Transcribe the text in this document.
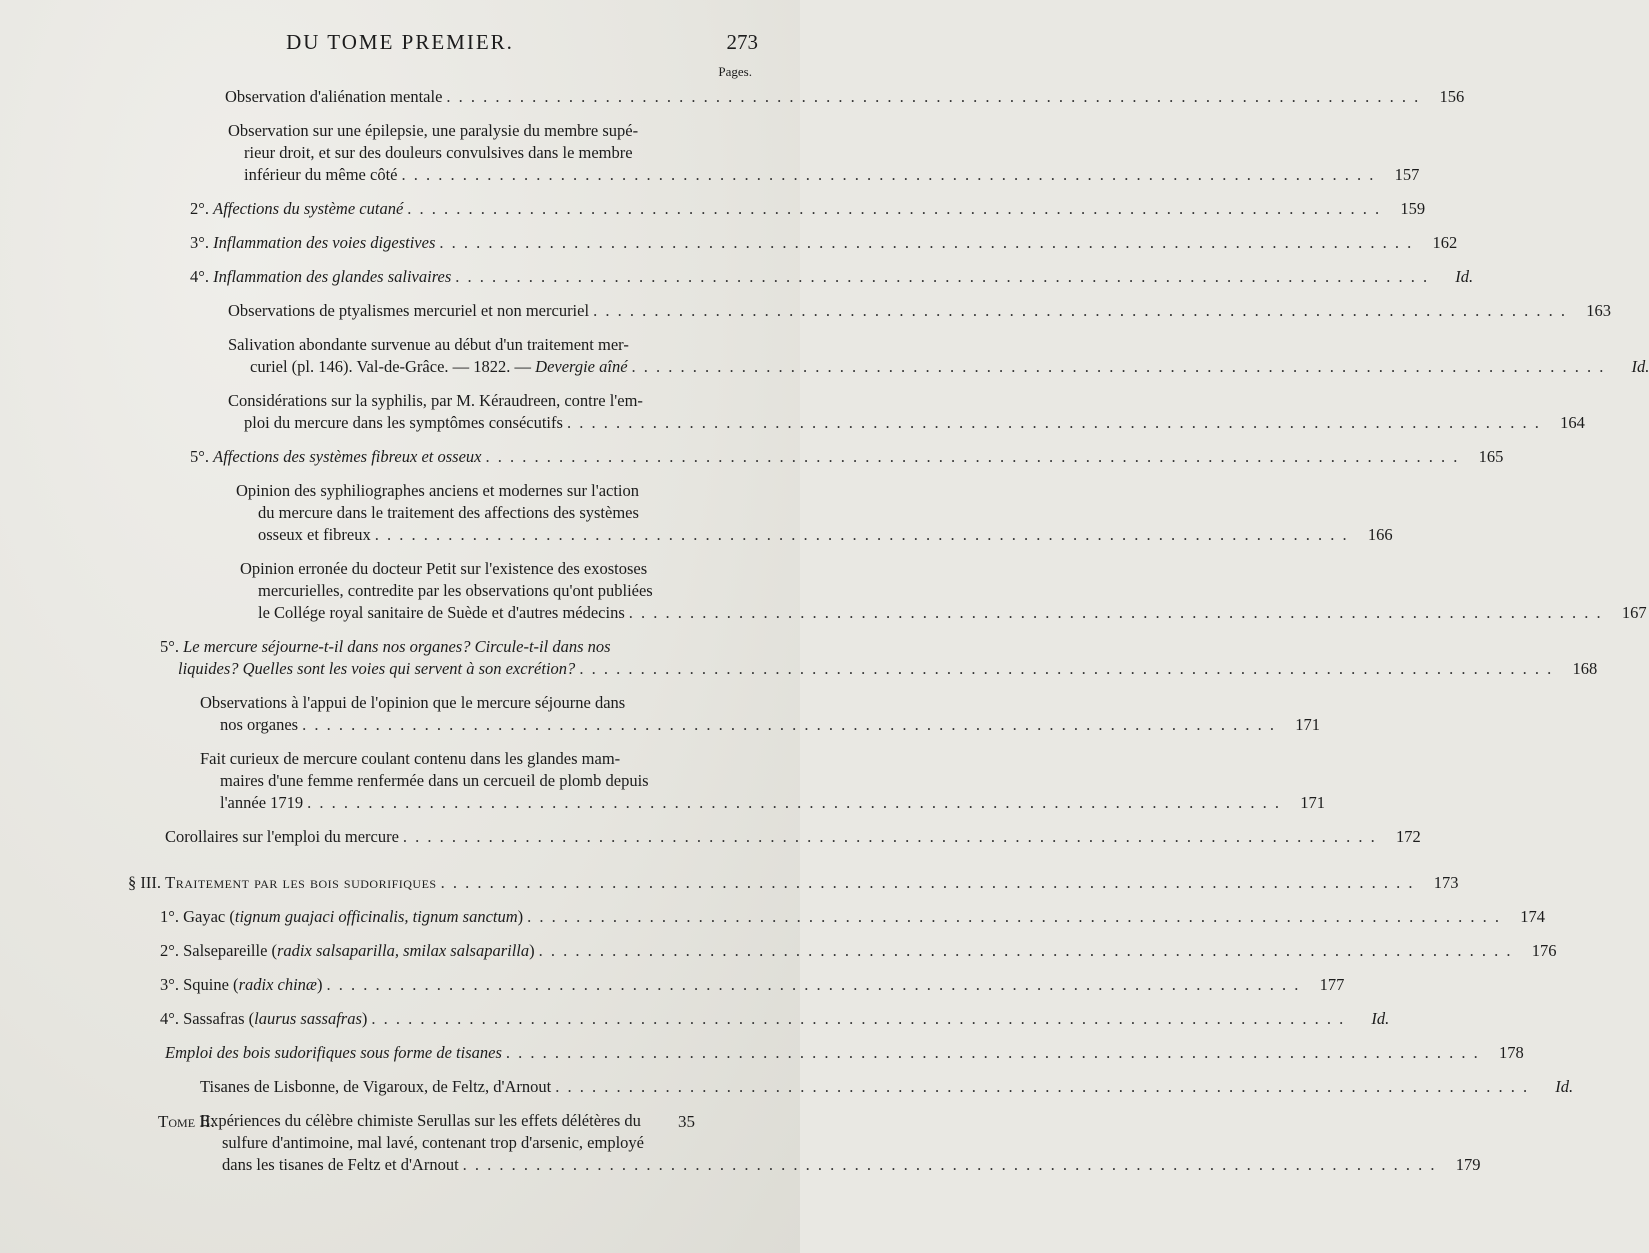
DU TOME PREMIER.	273
Pages.
Observation d'aliénation mentale . . . . . . . . . . . . . . . . . . . . . . . . . . . . . . . . . . . . . . . . . . . . . . . . . . . . . . . . . . . . . . . . . . . . . . . . . . . . . . . .	156
Observation sur une épilepsie, une paralysie du membre supé-
rieur droit, et sur des douleurs convulsives dans le membre
inférieur du même côté . . . . . . . . . . . . . . . . . . . . . . . . . . . . . . . . . . . . . . . . . . . . . . . . . . . . . . . . . . . . . . . . . . . . . . . . . . . . . . . .	157
2°. Affections du système cutané . . . . . . . . . . . . . . . . . . . . . . . . . . . . . . . . . . . . . . . . . . . . . . . . . . . . . . . . . . . . . . . . . . . . . . . . . . . . . . . .	159
3°. Inflammation des voies digestives . . . . . . . . . . . . . . . . . . . . . . . . . . . . . . . . . . . . . . . . . . . . . . . . . . . . . . . . . . . . . . . . . . . . . . . . . . . . . . . .	162
4°. Inflammation des glandes salivaires . . . . . . . . . . . . . . . . . . . . . . . . . . . . . . . . . . . . . . . . . . . . . . . . . . . . . . . . . . . . . . . . . . . . . . . . . . . . . . . .	Id.
Observations de ptyalismes mercuriel et non mercuriel . . . . . . . . . . . . . . . . . . . . . . . . . . . . . . . . . . . . . . . . . . . . . . . . . . . . . . . . . . . . . . . . . . . . . . . . . . . . . . . .	163
Salivation abondante survenue au début d'un traitement mer-
curiel (pl. 146). Val-de-Grâce. — 1822. — Devergie aîné . . . . . . . . . . . . . . . . . . . . . . . . . . . . . . . . . . . . . . . . . . . . . . . . . . . . . . . . . . . . . . . . . . . . . . . . . . . . . . . .	Id.
Considérations sur la syphilis, par M. Kéraudreen, contre l'em-
ploi du mercure dans les symptômes consécutifs . . . . . . . . . . . . . . . . . . . . . . . . . . . . . . . . . . . . . . . . . . . . . . . . . . . . . . . . . . . . . . . . . . . . . . . . . . . . . . . .	164
5°. Affections des systèmes fibreux et osseux . . . . . . . . . . . . . . . . . . . . . . . . . . . . . . . . . . . . . . . . . . . . . . . . . . . . . . . . . . . . . . . . . . . . . . . . . . . . . . . .	165
Opinion des syphiliographes anciens et modernes sur l'action
du mercure dans le traitement des affections des systèmes
osseux et fibreux . . . . . . . . . . . . . . . . . . . . . . . . . . . . . . . . . . . . . . . . . . . . . . . . . . . . . . . . . . . . . . . . . . . . . . . . . . . . . . . .	166
Opinion erronée du docteur Petit sur l'existence des exostoses
mercurielles, contredite par les observations qu'ont publiées
le Collége royal sanitaire de Suède et d'autres médecins . . . . . . . . . . . . . . . . . . . . . . . . . . . . . . . . . . . . . . . . . . . . . . . . . . . . . . . . . . . . . . . . . . . . . . . . . . . . . . . .	167
5°. Le mercure séjourne-t-il dans nos organes? Circule-t-il dans nos
liquides? Quelles sont les voies qui servent à son excrétion? . . . . . . . . . . . . . . . . . . . . . . . . . . . . . . . . . . . . . . . . . . . . . . . . . . . . . . . . . . . . . . . . . . . . . . . . . . . . . . . .	168
Observations à l'appui de l'opinion que le mercure séjourne dans
nos organes . . . . . . . . . . . . . . . . . . . . . . . . . . . . . . . . . . . . . . . . . . . . . . . . . . . . . . . . . . . . . . . . . . . . . . . . . . . . . . . .	171
Fait curieux de mercure coulant contenu dans les glandes mam-
maires d'une femme renfermée dans un cercueil de plomb depuis
l'année 1719 . . . . . . . . . . . . . . . . . . . . . . . . . . . . . . . . . . . . . . . . . . . . . . . . . . . . . . . . . . . . . . . . . . . . . . . . . . . . . . . .	171
Corollaires sur l'emploi du mercure . . . . . . . . . . . . . . . . . . . . . . . . . . . . . . . . . . . . . . . . . . . . . . . . . . . . . . . . . . . . . . . . . . . . . . . . . . . . . . . .	172
§ III. Traitement par les bois sudorifiques . . . . . . . . . . . . . . . . . . . . . . . . . . . . . . . . . . . . . . . . . . . . . . . . . . . . . . . . . . . . . . . . . . . . . . . . . . . . . . . .	173
1°. Gayac (tignum guajaci officinalis, tignum sanctum) . . . . . . . . . . . . . . . . . . . . . . . . . . . . . . . . . . . . . . . . . . . . . . . . . . . . . . . . . . . . . . . . . . . . . . . . . . . . . . . .	174
2°. Salsepareille (radix salsaparilla, smilax salsaparilla) . . . . . . . . . . . . . . . . . . . . . . . . . . . . . . . . . . . . . . . . . . . . . . . . . . . . . . . . . . . . . . . . . . . . . . . . . . . . . . . .	176
3°. Squine (radix chinæ) . . . . . . . . . . . . . . . . . . . . . . . . . . . . . . . . . . . . . . . . . . . . . . . . . . . . . . . . . . . . . . . . . . . . . . . . . . . . . . . .	177
4°. Sassafras (laurus sassafras) . . . . . . . . . . . . . . . . . . . . . . . . . . . . . . . . . . . . . . . . . . . . . . . . . . . . . . . . . . . . . . . . . . . . . . . . . . . . . . . .	Id.
Emploi des bois sudorifiques sous forme de tisanes . . . . . . . . . . . . . . . . . . . . . . . . . . . . . . . . . . . . . . . . . . . . . . . . . . . . . . . . . . . . . . . . . . . . . . . . . . . . . . . .	178
Tisanes de Lisbonne, de Vigaroux, de Feltz, d'Arnout . . . . . . . . . . . . . . . . . . . . . . . . . . . . . . . . . . . . . . . . . . . . . . . . . . . . . . . . . . . . . . . . . . . . . . . . . . . . . . . .	Id.
Expériences du célèbre chimiste Serullas sur les effets délétères du
sulfure d'antimoine, mal lavé, contenant trop d'arsenic, employé
dans les tisanes de Feltz et d'Arnout . . . . . . . . . . . . . . . . . . . . . . . . . . . . . . . . . . . . . . . . . . . . . . . . . . . . . . . . . . . . . . . . . . . . . . . . . . . . . . . .	179
Tome II.	35
